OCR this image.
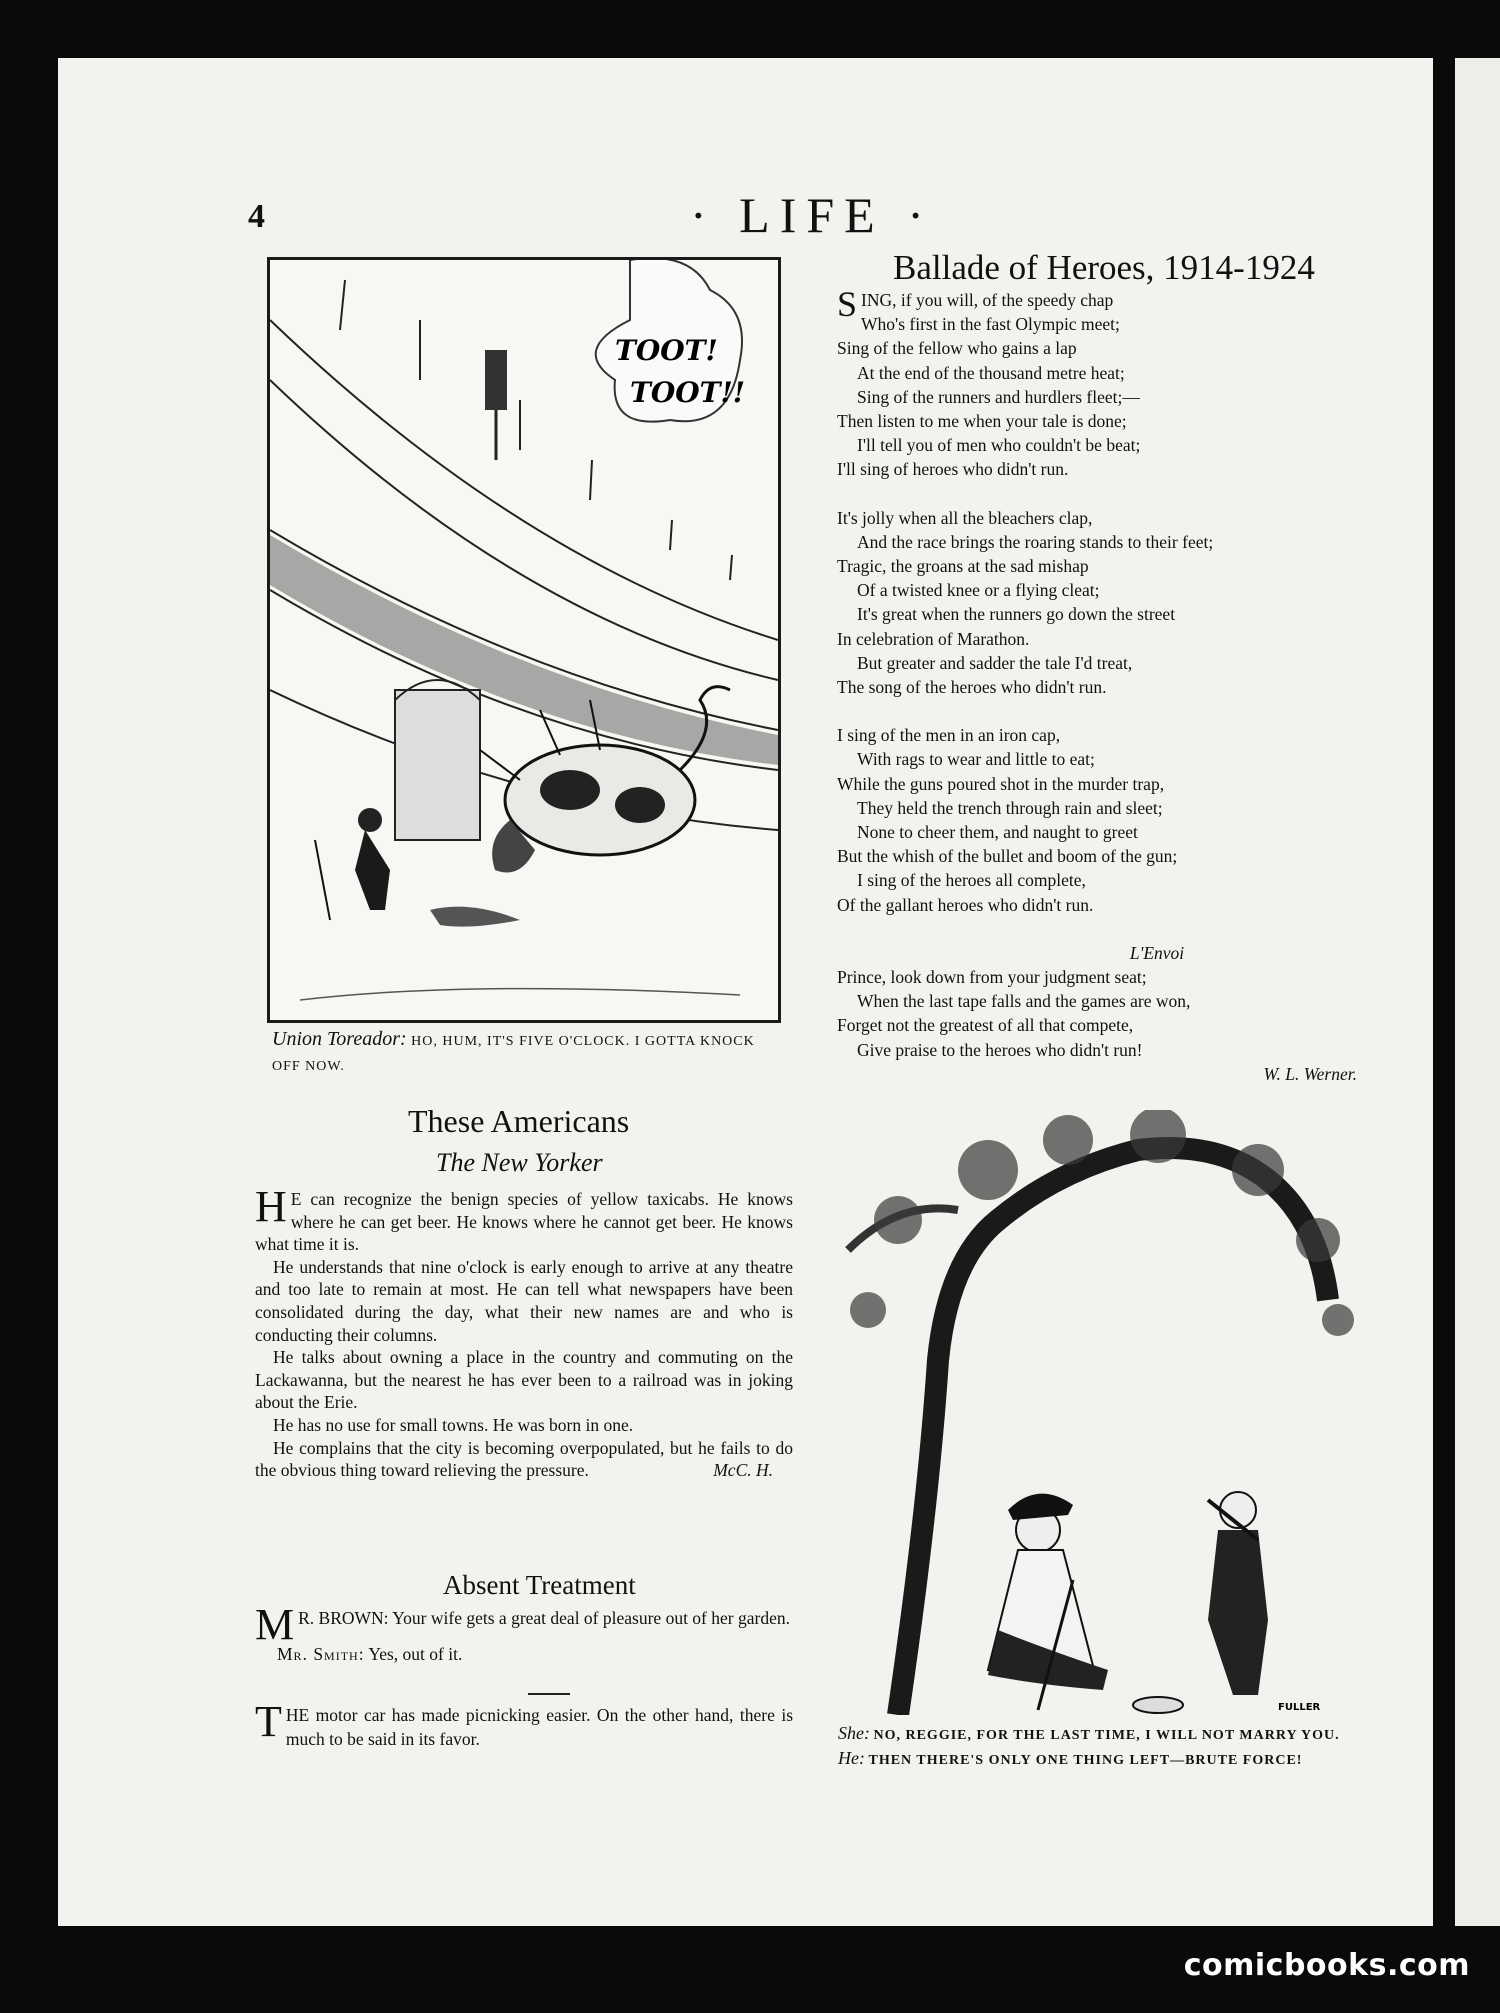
4	· LIFE ·
TOOT!
TOOT!!
Union Toreador: HO, HUM, IT'S FIVE O'CLOCK. I GOTTA KNOCK OFF NOW.
Ballade of Heroes, 1914-1924
SING, if you will, of the speedy chap
Who's first in the fast Olympic meet;
Sing of the fellow who gains a lap
At the end of the thousand metre heat;
Sing of the runners and hurdlers fleet;—
Then listen to me when your tale is done;
I'll tell you of men who couldn't be beat;
I'll sing of heroes who didn't run.
It's jolly when all the bleachers clap,
And the race brings the roaring stands to their feet;
Tragic, the groans at the sad mishap
Of a twisted knee or a flying cleat;
It's great when the runners go down the street
In celebration of Marathon.
But greater and sadder the tale I'd treat,
The song of the heroes who didn't run.
I sing of the men in an iron cap,
With rags to wear and little to eat;
While the guns poured shot in the murder trap,
They held the trench through rain and sleet;
None to cheer them, and naught to greet
But the whish of the bullet and boom of the gun;
I sing of the heroes all complete,
Of the gallant heroes who didn't run.
L'Envoi
Prince, look down from your judgment seat;
When the last tape falls and the games are won,
Forget not the greatest of all that compete,
Give praise to the heroes who didn't run!
W. L. Werner.
These Americans
The New Yorker

H E can recognize the benign species of yellow taxicabs. He knows where he can get beer. He knows where he cannot get beer. He knows what time it is.

He understands that nine o'clock is early enough to arrive at any theatre and too late to remain at most. He can tell what newspapers have been consolidated during the day, what their new names are and who is conducting their columns.

He talks about owning a place in the country and commuting on the Lackawanna, but the nearest he has ever been to a railroad was in joking about the Erie.

He has no use for small towns. He was born in one.

He complains that the city is becoming overpopulated, but he fails to do the obvious thing toward relieving the pressure.	McC. H.

Absent Treatment
M R. BROWN: Your wife gets a great deal of pleasure out of her garden.
Mr. Smith: Yes, out of it.
THE motor car has made picnicking easier. On the other hand, there is much to be said in its favor.
FULLER
She: NO, REGGIE, FOR THE LAST TIME, I WILL NOT MARRY YOU.
He: THEN THERE'S ONLY ONE THING LEFT—BRUTE FORCE!
comicbooks.com
